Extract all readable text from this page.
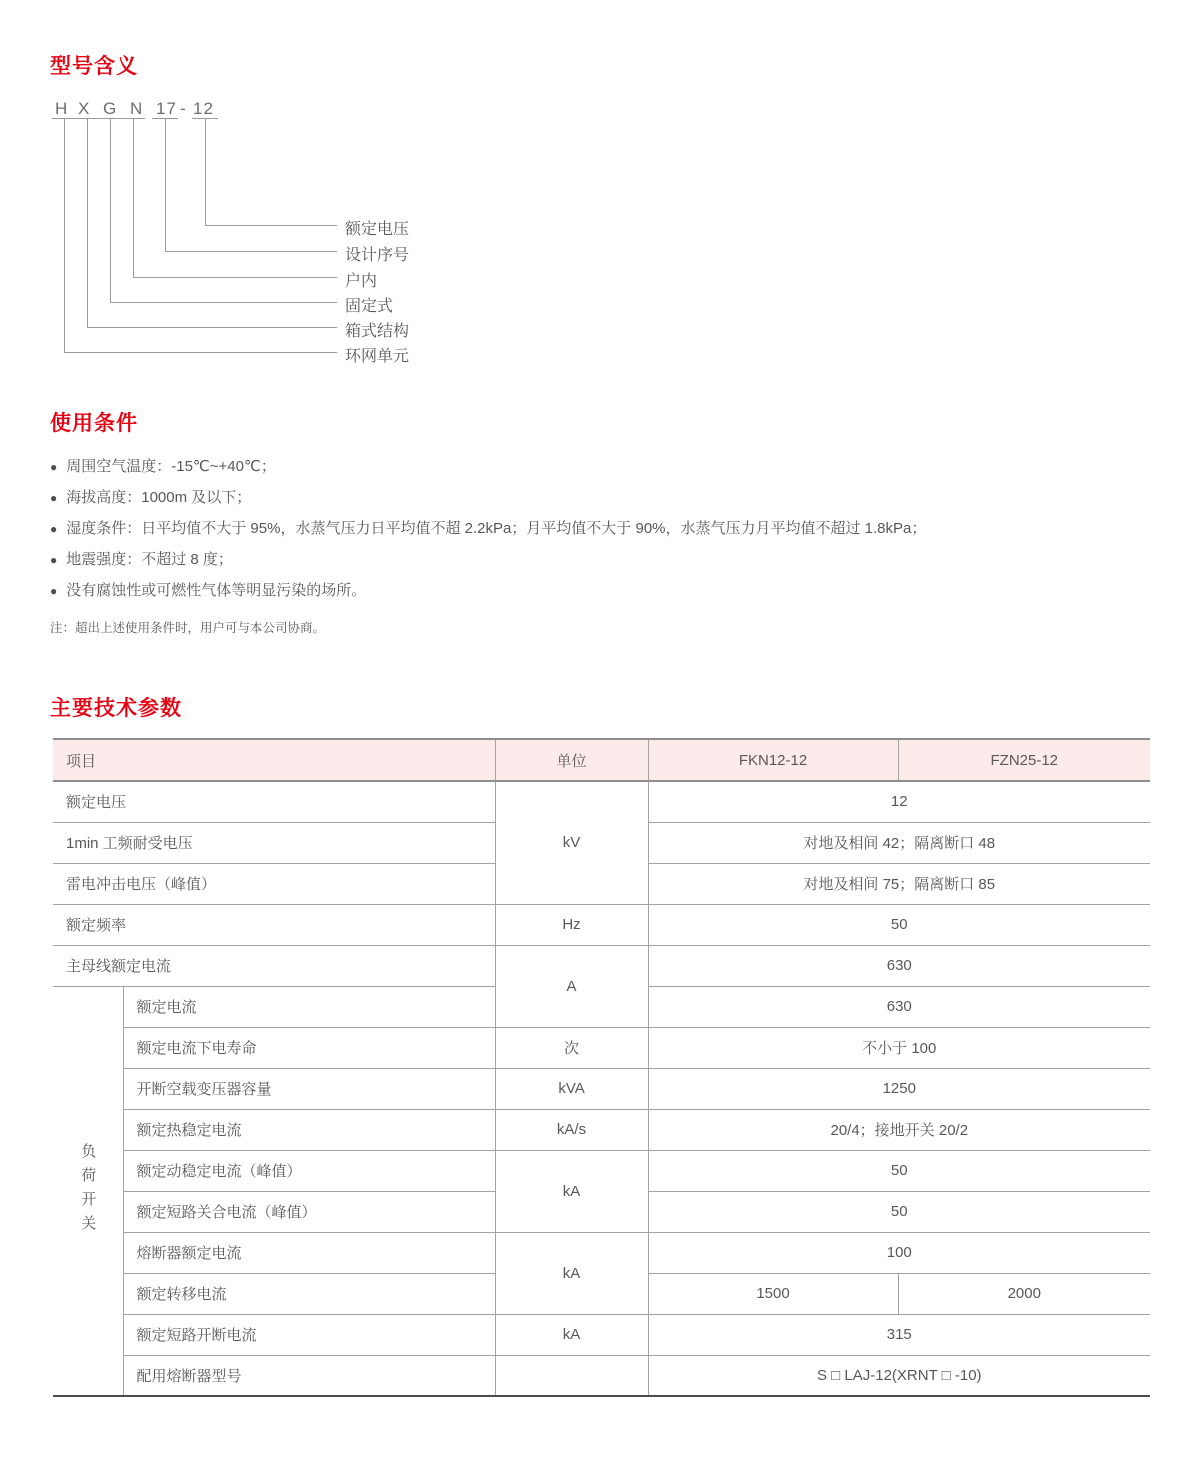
型号含义
H X G N 17 - 12
额定电压
设计序号
户内
固定式
箱式结构
环网单元
使用条件
● 周围空气温度：-15℃~+40℃；
● 海拔高度：1000m 及以下；
● 湿度条件：日平均值不大于 95%，水蒸气压力日平均值不超 2.2kPa；月平均值不大于 90%，水蒸气压力月平均值不超过 1.8kPa；
● 地震强度：不超过 8 度；
● 没有腐蚀性或可燃性气体等明显污染的场所。
注：超出上述使用条件时，用户可与本公司协商。
主要技术参数
项目		单位	FKN12-12	FZN25-12
额定电压		kV	12	
1min 工频耐受电压			对地及相间 42；隔离断口 48	
雷电冲击电压（峰值）			对地及相间 75；隔离断口 85	
额定频率		Hz	50	
主母线额定电流		A	630	

负荷开关	额定电流		630	
	额定电流下电寿命	次	不小于 100	
	开断空载变压器容量	kVA	1250	
	额定热稳定电流	kA/s	20/4；接地开关 20/2	
	额定动稳定电流（峰值）	kA	50	
	额定短路关合电流（峰值）		50	
	熔断器额定电流	kA	100	
	额定转移电流		1500	2000
	额定短路开断电流	kA	315	
	配用熔断器型号		S □ LAJ-12(XRNT □ -10)	
